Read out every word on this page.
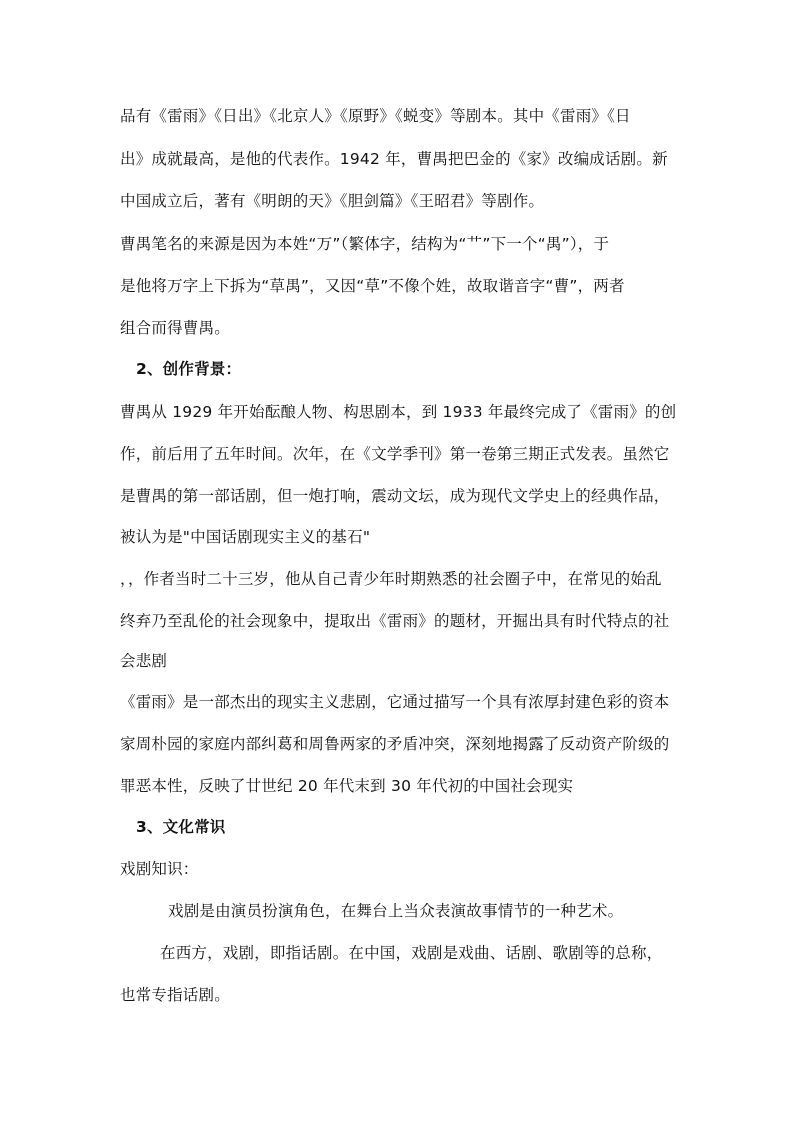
品有《雷雨》《日出》《北京人》《原野》《蜕变》等剧本。其中《雷雨》《日
出》成就最高，是他的代表作。1942 年，曹禺把巴金的《家》改编成话剧。新
中国成立后，著有《明朗的天》《胆剑篇》《王昭君》等剧作。
曹禺笔名的来源是因为本姓“万”（繁体字，结构为“艹”下一个“禺”），于
是他将万字上下拆为“草禺”，又因“草”不像个姓，故取谐音字“曹”，两者
组合而得曹禺。
2、创作背景：
曹禺从 1929 年开始酝酿人物、构思剧本，到 1933 年最终完成了《雷雨》的创
作，前后用了五年时间。次年，在《文学季刊》第一卷第三期正式发表。虽然它
是曹禺的第一部话剧，但一炮打响，震动文坛，成为现代文学史上的经典作品，
被认为是"中国话剧现实主义的基石"
，，作者当时二十三岁，他从自己青少年时期熟悉的社会圈子中，在常见的始乱
终弃乃至乱伦的社会现象中，提取出《雷雨》的题材，开掘出具有时代特点的社
会悲剧
《雷雨》是一部杰出的现实主义悲剧，它通过描写一个具有浓厚封建色彩的资本
家周朴园的家庭内部纠葛和周鲁两家的矛盾冲突，深刻地揭露了反动资产阶级的
罪恶本性，反映了廿世纪 20 年代末到 30 年代初的中国社会现实
3、文化常识
戏剧知识：
戏剧是由演员扮演角色，在舞台上当众表演故事情节的一种艺术。
在西方，戏剧，即指话剧。在中国，戏剧是戏曲、话剧、歌剧等的总称，
也常专指话剧。
